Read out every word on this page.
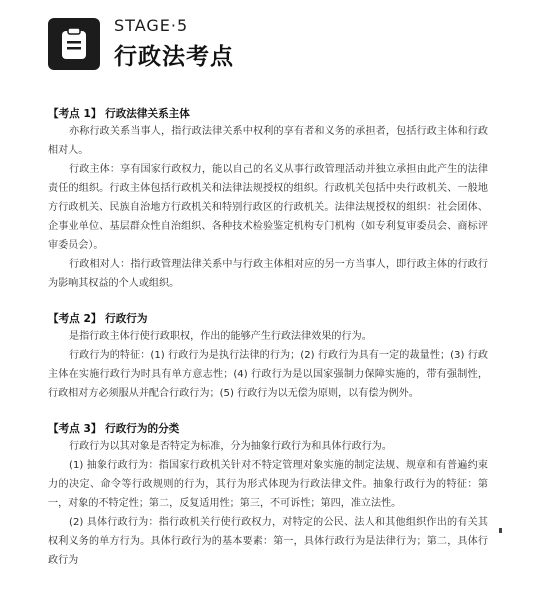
STAGE·5
行政法考点
【考点 1】 行政法律关系主体

亦称行政关系当事人，指行政法律关系中权利的享有者和义务的承担者，包括行政主体和行政相对人。

行政主体：享有国家行政权力，能以自己的名义从事行政管理活动并独立承担由此产生的法律责任的组织。行政主体包括行政机关和法律法规授权的组织。行政机关包括中央行政机关、一般地方行政机关、民族自治地方行政机关和特别行政区的行政机关。法律法规授权的组织：社会团体、企事业单位、基层群众性自治组织、各种技术检验鉴定机构专门机构（如专利复审委员会、商标评审委员会）。

行政相对人：指行政管理法律关系中与行政主体相对应的另一方当事人，即行政主体的行政行为影响其权益的个人或组织。

【考点 2】 行政行为

是指行政主体行使行政职权，作出的能够产生行政法律效果的行为。

行政行为的特征：(1) 行政行为是执行法律的行为；(2) 行政行为具有一定的裁量性；(3) 行政主体在实施行政行为时具有单方意志性；(4) 行政行为是以国家强制力保障实施的，带有强制性，行政相对方必须服从并配合行政行为；(5) 行政行为以无偿为原则，以有偿为例外。

【考点 3】 行政行为的分类

行政行为以其对象是否特定为标准，分为抽象行政行为和具体行政行为。

(1) 抽象行政行为：指国家行政机关针对不特定管理对象实施的制定法规、规章和有普遍约束力的决定、命令等行政规则的行为，其行为形式体现为行政法律文件。抽象行政行为的特征：第一，对象的不特定性；第二，反复适用性；第三，不可诉性；第四，准立法性。

(2) 具体行政行为：指行政机关行使行政权力，对特定的公民、法人和其他组织作出的有关其权利义务的单方行为。具体行政行为的基本要素：第一，具体行政行为是法律行为；第二，具体行政行为
